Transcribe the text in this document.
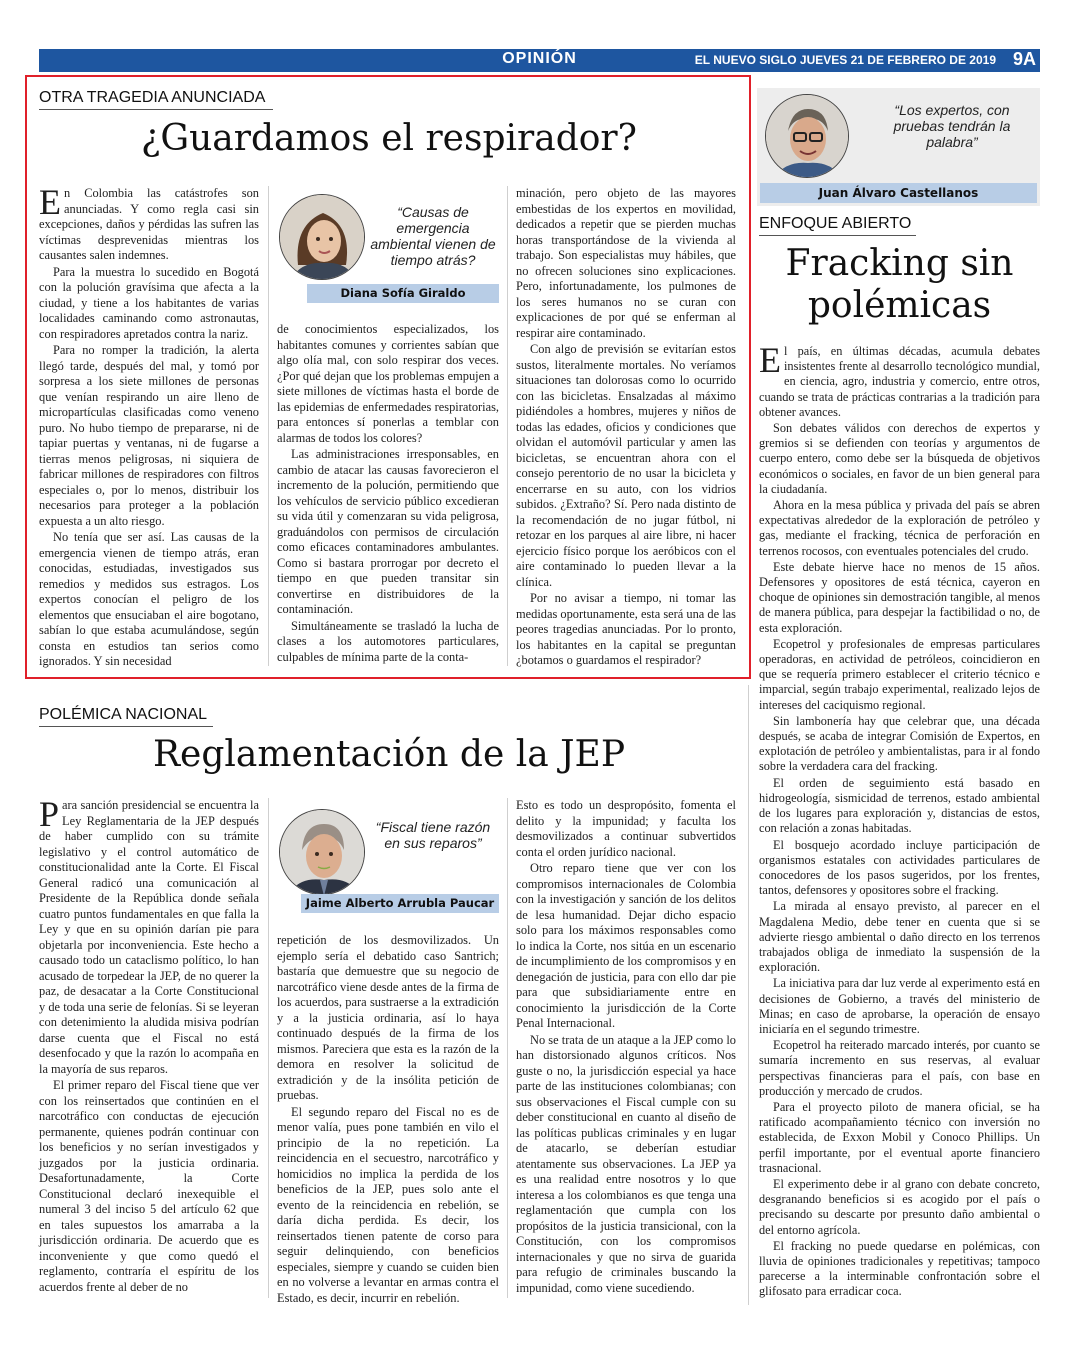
OPINIÓN	EL NUEVO SIGLO JUEVES 21 DE FEBRERO DE 2019 9A
OTRA TRAGEDIA ANUNCIADA
¿Guardamos el respirador?

En Colombia las catástrofes son anunciadas. Y como regla casi sin excepciones, daños y pérdidas las sufren las víctimas desprevenidas mientras los causantes salen indemnes.

Para la muestra lo sucedido en Bogotá con la polución gravísima que afecta a la ciudad, y tiene a los habitantes de varias localidades caminando como astronautas, con respiradores apretados contra la nariz.

Para no romper la tradición, la alerta llegó tarde, después del mal, y tomó por sorpresa a los siete millones de personas que venían respirando un aire lleno de micropartículas clasificadas como veneno puro. No hubo tiempo de prepararse, ni de tapiar puertas y ventanas, ni de fugarse a tierras menos peligrosas, ni siquiera de fabricar millones de respiradores con filtros especiales o, por lo menos, distribuir los necesarios para proteger a la población expuesta a un alto riesgo.

No tenía que ser así. Las causas de la emergencia vienen de tiempo atrás, eran conocidas, estudiadas, investigados sus remedios y medidos sus estragos. Los expertos conocían el peligro de los elementos que ensuciaban el aire bogotano, sabían lo que estaba acumulándose, según consta en estudios tan serios como ignorados. Y sin necesidad

“Causas de emergencia ambiental vienen de tiempo atrás?
Diana Sofía Giraldo

de conocimientos especializados, los habitantes comunes y corrientes sabían que algo olía mal, con solo respirar dos veces. ¿Por qué dejan que los problemas empujen a siete millones de víctimas hasta el borde de las epidemias de enfermedades respiratorias, para entonces sí ponerlas a temblar con alarmas de todos los colores?

Las administraciones irresponsables, en cambio de atacar las causas favorecieron el incremento de la polución, permitiendo que los vehículos de servicio público excedieran su vida útil y comenzaran su vida peligrosa, graduándolos con permisos de circulación como eficaces contaminadores ambulantes. Como si bastara prorrogar por decreto el tiempo en que pueden transitar sin convertirse en distribuidores de la contaminación.

Simultáneamente se trasladó la lucha de clases a los automotores particulares, culpables de mínima parte de la conta-

minación, pero objeto de las mayores embestidas de los expertos en movilidad, dedicados a repetir que se pierden muchas horas transportándose de la vivienda al trabajo. Son especialistas muy hábiles, que no ofrecen soluciones sino explicaciones. Pero, infortunadamente, los pulmones de los seres humanos no se curan con explicaciones de por qué se enferman al respirar aire contaminado.

Con algo de previsión se evitarían estos sustos, literalmente mortales. No veríamos situaciones tan dolorosas como lo ocurrido con las bicicletas. Ensalzadas al máximo pidiéndoles a hombres, mujeres y niños de todas las edades, oficios y condiciones que olvidan el automóvil particular y amen las bicicletas, se encuentran ahora con el consejo perentorio de no usar la bicicleta y encerrarse en su auto, con los vidrios subidos. ¿Extraño? Sí. Pero nada distinto de la recomendación de no jugar fútbol, ni retozar en los parques al aire libre, ni hacer ejercicio físico porque los aeróbicos con el aire contaminado lo pueden llevar a la clínica.

Por no avisar a tiempo, ni tomar las medidas oportunamente, esta será una de las peores tragedias anunciadas. Por lo pronto, los habitantes en la capital se preguntan ¿botamos o guardamos el respirador?

POLÉMICA NACIONAL
Reglamentación de la JEP

Para sanción presidencial se encuentra la Ley Reglamentaria de la JEP después de haber cumplido con su trámite legislativo y el control automático de constitucionalidad ante la Corte. El Fiscal General radicó una comunicación al Presidente de la República donde señala cuatro puntos fundamentales en que falla la Ley y que en su opinión darían pie para objetarla por inconveniencia. Este hecho a causado todo un cataclismo político, lo han acusado de torpedear la JEP, de no querer la paz, de desacatar a la Corte Constitucional y de toda una serie de felonías. Si se leyeran con detenimiento la aludida misiva podrían darse cuenta que el Fiscal no está desenfocado y que la razón lo acompaña en la mayoría de sus reparos.

El primer reparo del Fiscal tiene que ver con los reinsertados que continúen en el narcotráfico con conductas de ejecución permanente, quienes podrán continuar con los beneficios y no serían investigados y juzgados por la justicia ordinaria. Desafortunadamente, la Corte Constitucional declaró inexequible el numeral 3 del inciso 5 del artículo 62 que en tales supuestos los amarraba a la jurisdicción ordinaria. De acuerdo que es inconveniente y que como quedó el reglamento, contraría el espíritu de los acuerdos frente al deber de no

“Fiscal tiene razón en sus reparos”
Jaime Alberto Arrubla Paucar

repetición de los desmovilizados. Un ejemplo sería el debatido caso Santrich; bastaría que demuestre que su negocio de narcotráfico viene desde antes de la firma de los acuerdos, para sustraerse a la extradición y a la justicia ordinaria, así lo haya continuado después de la firma de los mismos. Pareciera que esta es la razón de la demora en resolver la solicitud de extradición y de la insólita petición de pruebas.

El segundo reparo del Fiscal no es de menor valía, pues pone también en vilo el principio de la no repetición. La reincidencia en el secuestro, narcotráfico y homicidios no implica la perdida de los beneficios de la JEP, pues solo ante el evento de la reincidencia en rebelión, se daría dicha perdida. Es decir, los reinsertados tienen patente de corso para seguir delinquiendo, con beneficios especiales, siempre y cuando se cuiden bien en no volverse a levantar en armas contra el Estado, es decir, incurrir en rebelión.

Esto es todo un despropósito, fomenta el delito y la impunidad; y faculta los desmovilizados a continuar subvertidos conta el orden jurídico nacional.

Otro reparo tiene que ver con los compromisos internacionales de Colombia con la investigación y sanción de los delitos de lesa humanidad. Dejar dicho espacio solo para los máximos responsables como lo indica la Corte, nos sitúa en un escenario de incumplimiento de los compromisos y en denegación de justicia, para con ello dar pie para que subsidiariamente entre en conocimiento la jurisdicción de la Corte Penal Internacional.

No se trata de un ataque a la JEP como lo han distorsionado algunos críticos. Nos guste o no, la jurisdicción especial ya hace parte de las instituciones colombianas; con sus observaciones el Fiscal cumple con su deber constitucional en cuanto al diseño de las políticas publicas criminales y en lugar de atacarlo, se deberían estudiar atentamente sus observaciones. La JEP ya es una realidad entre nosotros y lo que interesa a los colombianos es que tenga una reglamentación que cumpla con los propósitos de la justicia transicional, con la Constitución, con los compromisos internacionales y que no sirva de guarida para refugio de criminales buscando la impunidad, como viene sucediendo.

“Los expertos, con pruebas tendrán la palabra”
Juan Álvaro Castellanos
ENFOQUE ABIERTO
Fracking sin
polémicas

El país, en últimas décadas, acumula debates insistentes frente al desarrollo tecnológico mundial, en ciencia, agro, industria y comercio, entre otros, cuando se trata de prácticas contrarias a la tradición para obtener avances.

Son debates válidos con derechos de expertos y gremios si se defienden con teorías y argumentos de cuerpo entero, como debe ser la búsqueda de objetivos económicos o sociales, en favor de un bien general para la ciudadanía.

Ahora en la mesa pública y privada del país se abren expectativas alrededor de la exploración de petróleo y gas, mediante el fracking, técnica de perforación en terrenos rocosos, con eventuales potenciales del crudo.

Este debate hierve hace no menos de 15 años. Defensores y opositores de está técnica, cayeron en choque de opiniones sin demostración tangible, al menos de manera pública, para despejar la factibilidad o no, de esta exploración.

Ecopetrol y profesionales de empresas particulares operadoras, en actividad de petróleos, coincidieron en que se requería primero establecer el criterio técnico e imparcial, según trabajo experimental, realizado lejos de intereses del caciquismo regional.

Sin lambonería hay que celebrar que, una década después, se acaba de integrar Comisión de Expertos, en explotación de petróleo y ambientalistas, para ir al fondo sobre la verdadera cara del fracking.

El orden de seguimiento está basado en hidrogeología, sismicidad de terrenos, estado ambiental de los lugares para exploración y, distancias de estos, con relación a zonas habitadas.

El bosquejo acordado incluye participación de organismos estatales con actividades particulares de conocedores de los pasos sugeridos, por los frentes, tantos, defensores y opositores sobre el fracking.

La mirada al ensayo previsto, al parecer en el Magdalena Medio, debe tener en cuenta que si se advierte riesgo ambiental o daño directo en los terrenos trabajados obliga de inmediato la suspensión de la exploración.

La iniciativa para dar luz verde al experimento está en decisiones de Gobierno, a través del ministerio de Minas; en caso de aprobarse, la operación de ensayo iniciaría en el segundo trimestre.

Ecopetrol ha reiterado marcado interés, por cuanto se sumaría incremento en sus reservas, al evaluar perspectivas financieras para el país, con base en producción y mercado de crudos.

Para el proyecto piloto de manera oficial, se ha ratificado acompañamiento técnico con inversión no establecida, de Exxon Mobil y Conoco Phillips. Un perfil importante, por el eventual aporte financiero trasnacional.

El experimento debe ir al grano con debate concreto, desgranando beneficios si es acogido por el país o precisando su descarte por presunto daño ambiental o del entorno agrícola.

El fracking no puede quedarse en polémicas, con lluvia de opiniones tradicionales y repetitivas; tampoco parecerse a la interminable confrontación sobre el glifosato para erradicar coca.
